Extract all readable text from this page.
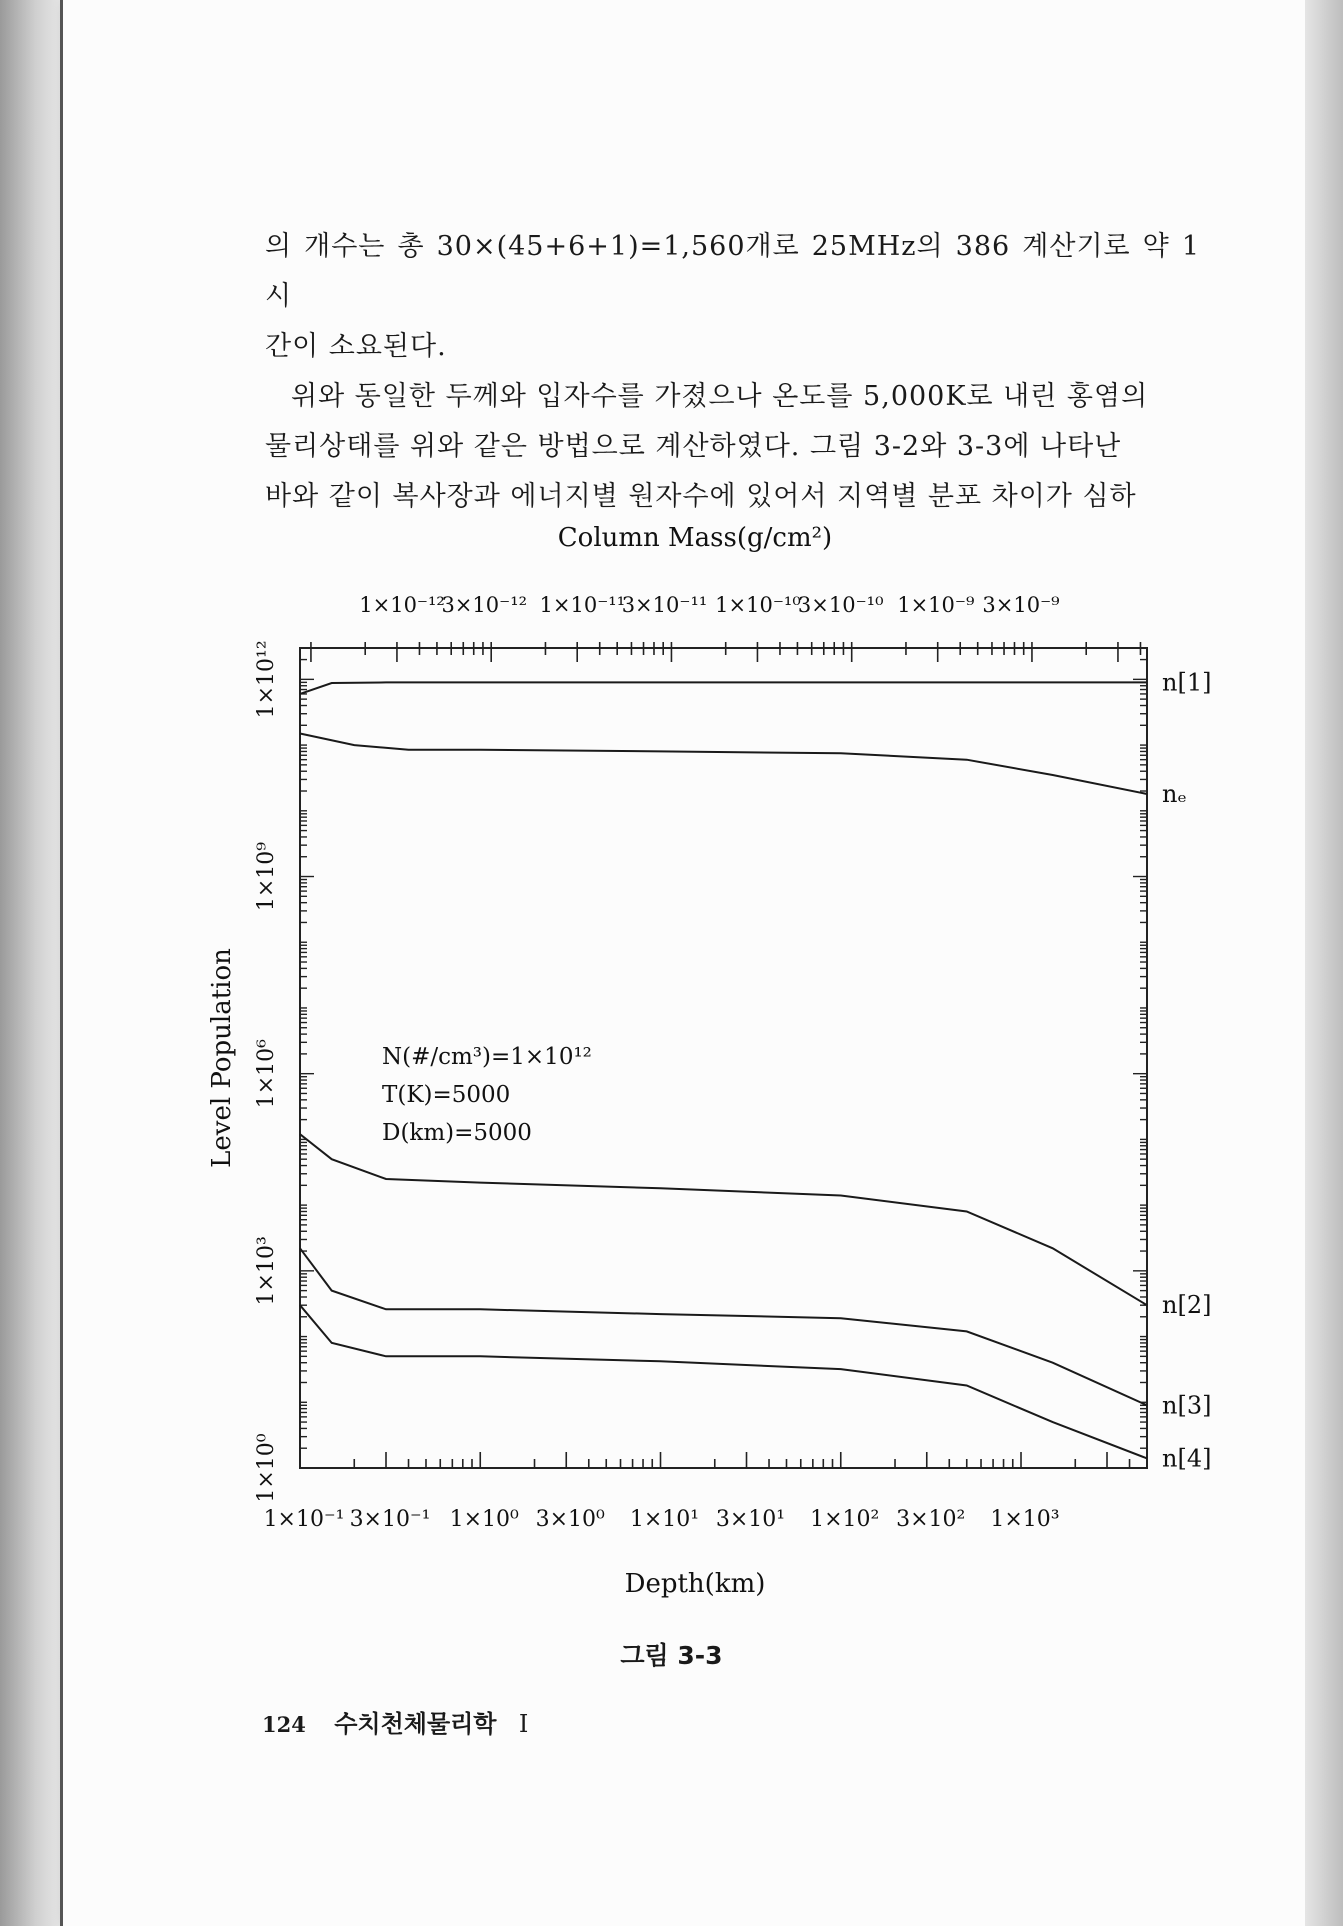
의 개수는 총 30×(45+6+1)=1,560개로 25MHz의 386 계산기로 약 1시
간이 소요된다.

위와 동일한 두께와 입자수를 가졌으나 온도를 5,000K로 내린 홍염의
물리상태를 위와 같은 방법으로 계산하였다. 그림 3-2와 3-3에 나타난
바와 같이 복사장과 에너지별 원자수에 있어서 지역별 분포 차이가 심하

1×10⁻¹ 3×10⁻¹ 1×10⁰ 3×10⁰ 1×10¹ 3×10¹ 1×10² 3×10² 1×10³
1×10⁻¹²
3×10⁻¹² 1×10⁻¹¹
3×10⁻¹¹ 1×10⁻¹⁰
3×10⁻¹⁰ 1×10⁻⁹ 3×10⁻⁹
1×10⁰
1×10³
1×10⁶
1×10⁹
1×10¹²
Depth(km)
Column Mass(g/cm²)
Level Population
n[1]
nₑ
n[2]
n[3]
n[4]
N(#/cm³)=1×10¹²
T(K)=5000
D(km)=5000
그림 3-3
124 수치천체물리학 I
